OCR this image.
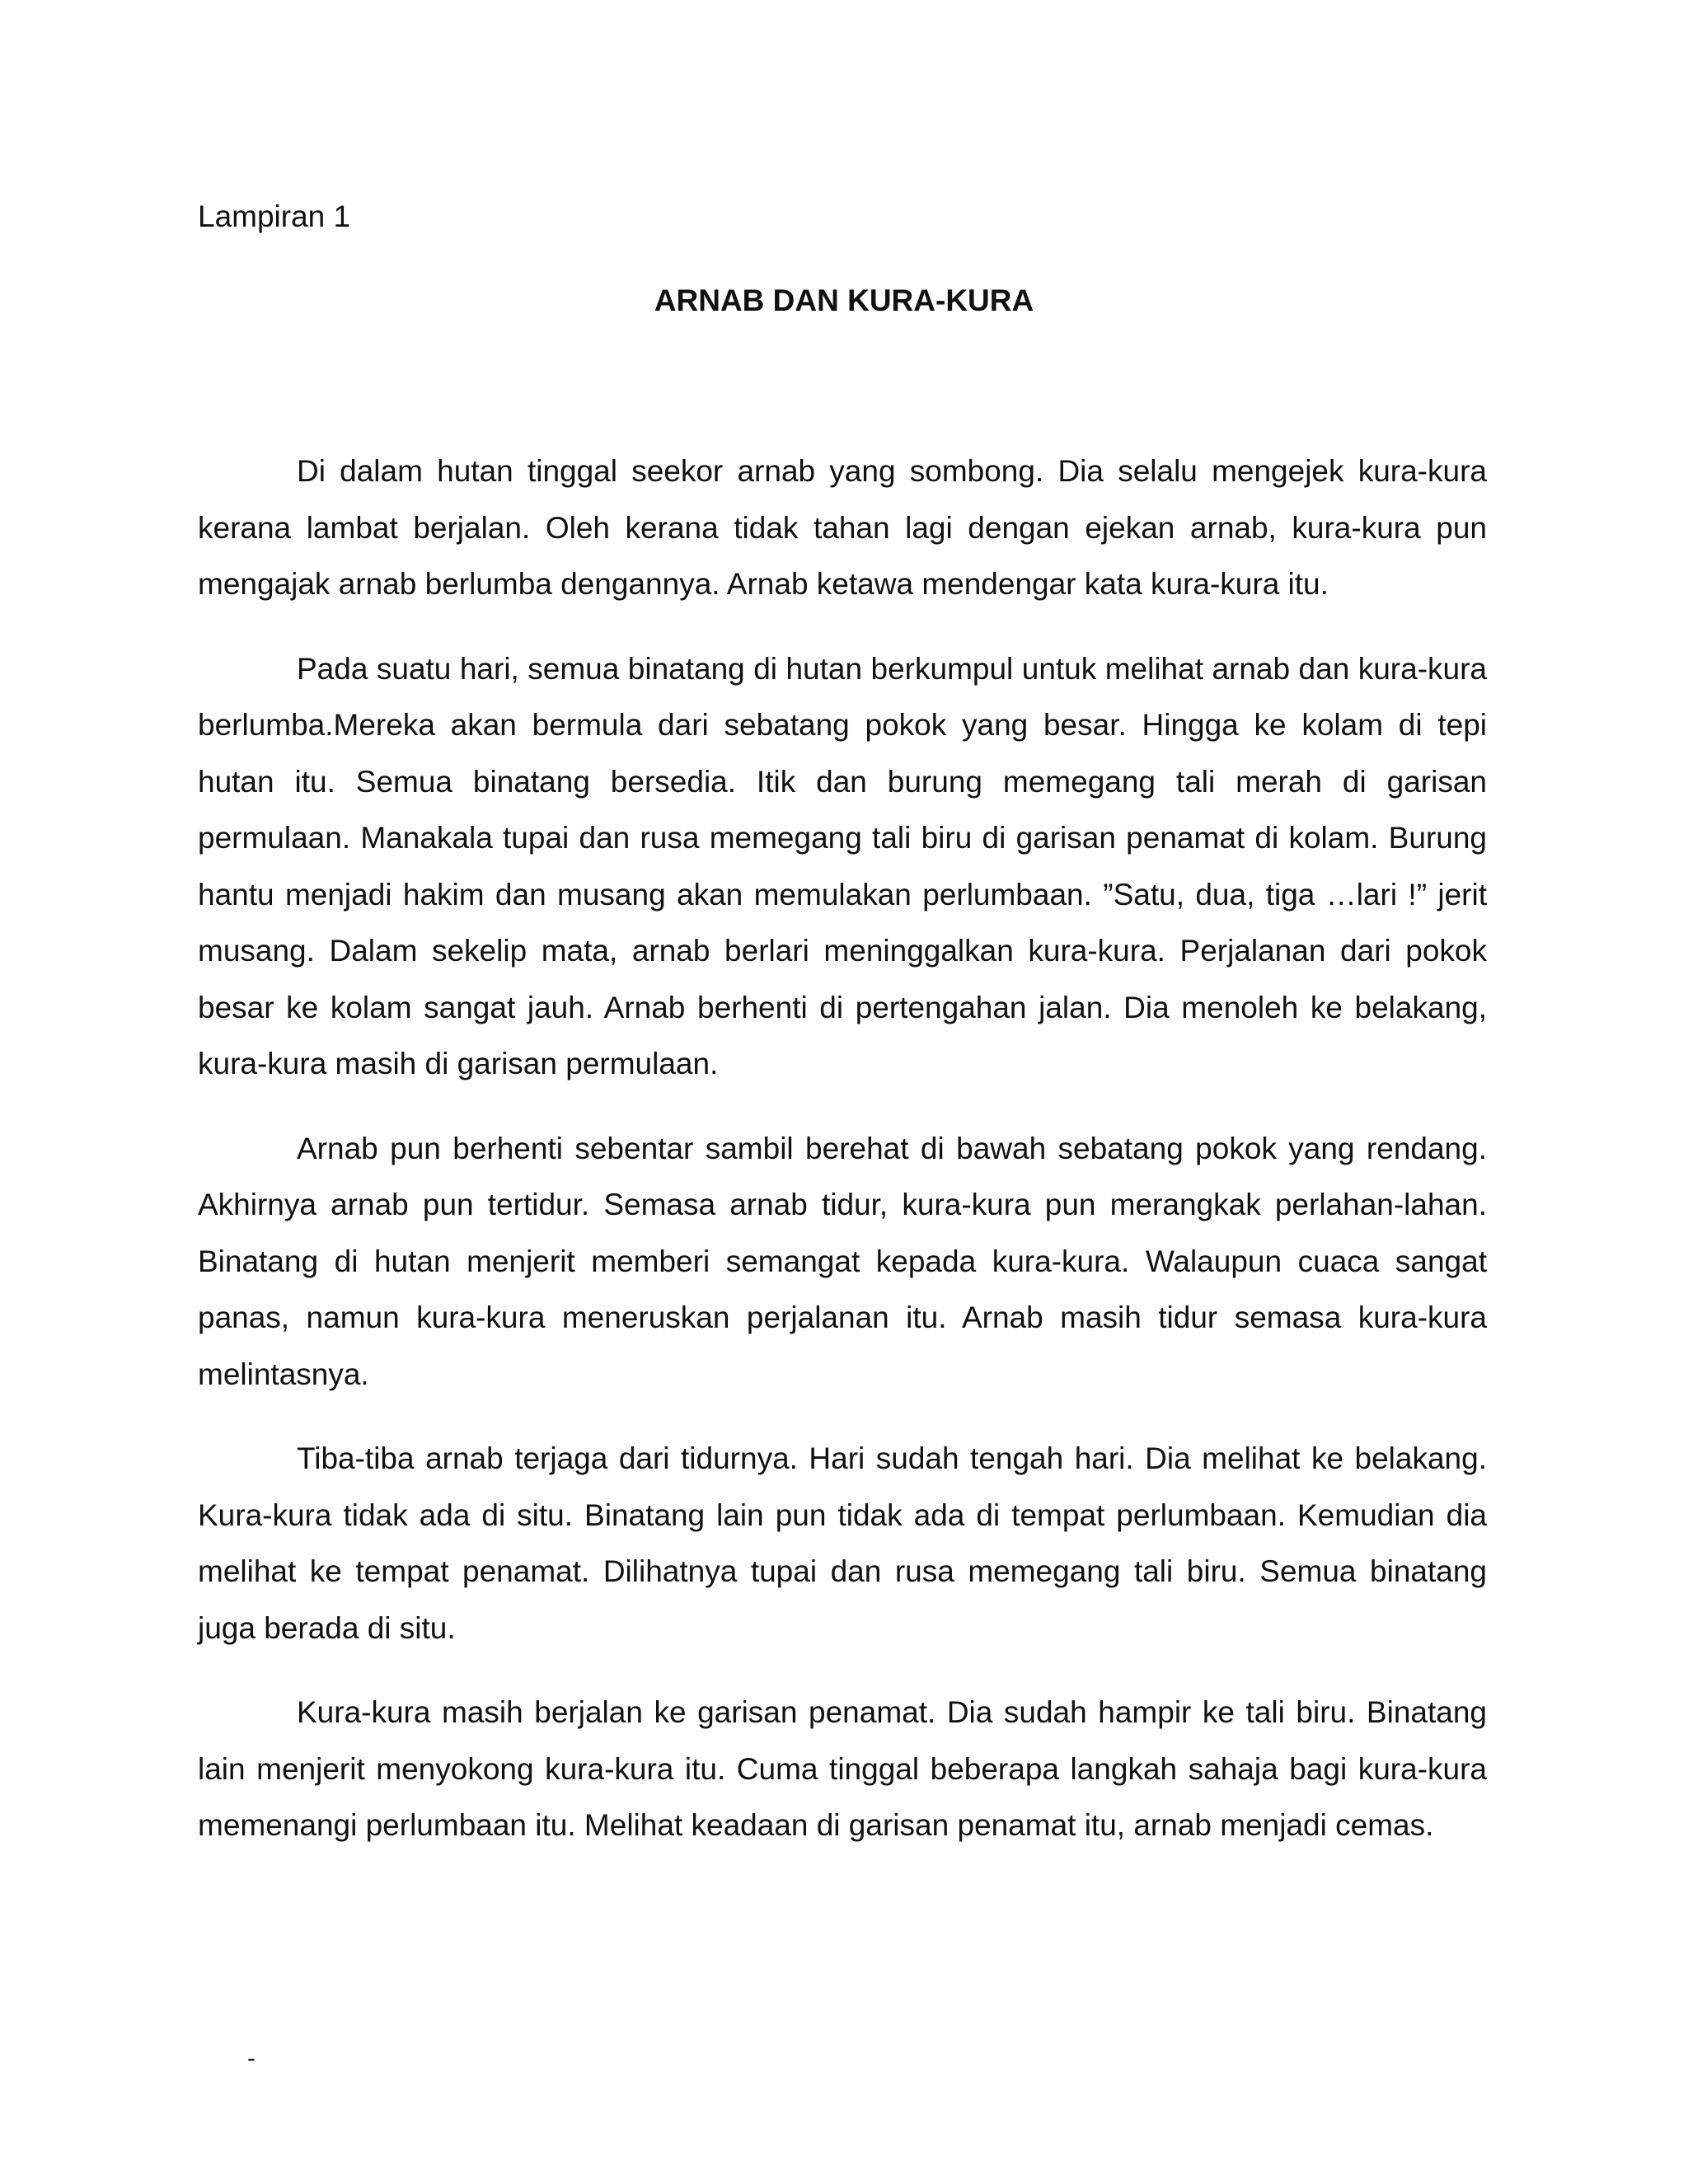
Lampiran 1

ARNAB DAN KURA-KURA

Di dalam hutan tinggal seekor arnab yang sombong. Dia selalu mengejek kura-kura kerana lambat berjalan. Oleh kerana tidak tahan lagi dengan ejekan arnab, kura-kura pun mengajak arnab berlumba dengannya. Arnab ketawa mendengar kata kura-kura itu.

Pada suatu hari, semua binatang di hutan berkumpul untuk melihat arnab dan kura-kura berlumba.Mereka akan bermula dari sebatang pokok yang besar. Hingga ke kolam di tepi hutan itu. Semua binatang bersedia. Itik dan burung memegang tali merah di garisan permulaan. Manakala tupai dan rusa memegang tali biru di garisan penamat di kolam. Burung hantu menjadi hakim dan musang akan memulakan perlumbaan. ”Satu, dua, tiga …lari !” jerit musang. Dalam sekelip mata, arnab berlari meninggalkan kura-kura. Perjalanan dari pokok besar ke kolam sangat jauh. Arnab berhenti di pertengahan jalan. Dia menoleh ke belakang, kura-kura masih di garisan permulaan.

Arnab pun berhenti sebentar sambil berehat di bawah sebatang pokok yang rendang. Akhirnya arnab pun tertidur. Semasa arnab tidur, kura-kura pun merangkak perlahan-lahan. Binatang di hutan menjerit memberi semangat kepada kura-kura. Walaupun cuaca sangat panas, namun kura-kura meneruskan perjalanan itu. Arnab masih tidur semasa kura-kura melintasnya.

Tiba-tiba arnab terjaga dari tidurnya. Hari sudah tengah hari. Dia melihat ke belakang. Kura-kura tidak ada di situ. Binatang lain pun tidak ada di tempat perlumbaan. Kemudian dia melihat ke tempat penamat. Dilihatnya tupai dan rusa memegang tali biru. Semua binatang juga berada di situ.

Kura-kura masih berjalan ke garisan penamat. Dia sudah hampir ke tali biru. Binatang lain menjerit menyokong kura-kura itu. Cuma tinggal beberapa langkah sahaja bagi kura-kura memenangi perlumbaan itu. Melihat keadaan di garisan penamat itu, arnab menjadi cemas.

-
